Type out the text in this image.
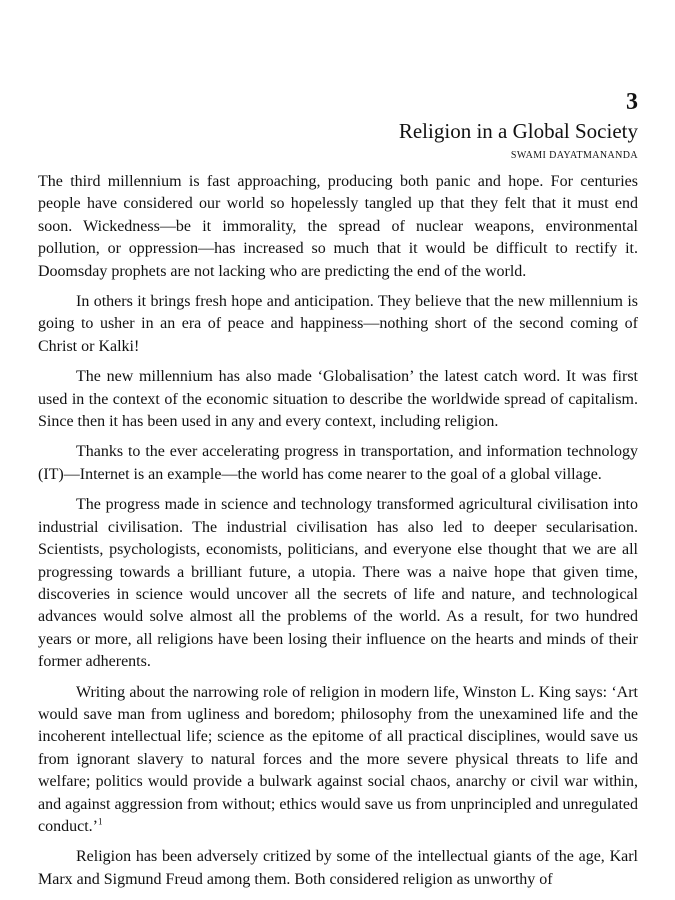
3
Religion in a Global Society
SWAMI DAYATMANANDA

The third millennium is fast approaching, producing both panic and hope. For centuries people have considered our world so hopelessly tangled up that they felt that it must end soon. Wickedness—be it immorality, the spread of nuclear weapons, environmental pollution, or oppression—has increased so much that it would be difficult to rectify it. Doomsday prophets are not lacking who are predicting the end of the world.

In others it brings fresh hope and anticipation. They believe that the new millennium is going to usher in an era of peace and happiness—nothing short of the second coming of Christ or Kalki!

The new millennium has also made ‘Globalisation’ the latest catch word. It was first used in the context of the economic situation to describe the worldwide spread of capitalism. Since then it has been used in any and every context, including religion.

Thanks to the ever accelerating progress in transportation, and information technology (IT)—Internet is an example—the world has come nearer to the goal of a global village.

The progress made in science and technology transformed agricultural civilisation into industrial civilisation. The industrial civilisation has also led to deeper secularisation. Scientists, psychologists, economists, politicians, and everyone else thought that we are all progressing towards a brilliant future, a utopia. There was a naive hope that given time, discoveries in science would uncover all the secrets of life and nature, and technological advances would solve almost all the problems of the world. As a result, for two hundred years or more, all religions have been losing their influence on the hearts and minds of their former adherents.

Writing about the narrowing role of religion in modern life, Winston L. King says: ‘Art would save man from ugliness and boredom; philosophy from the unexamined life and the incoherent intellectual life; science as the epitome of all practical disciplines, would save us from ignorant slavery to natural forces and the more severe physical threats to life and welfare; politics would provide a bulwark against social chaos, anarchy or civil war within, and against aggression from without; ethics would save us from unprincipled and unregulated conduct.’$^1$

Religion has been adversely critized by some of the intellectual giants of the age, Karl Marx and Sigmund Freud among them. Both considered religion as unworthy of
